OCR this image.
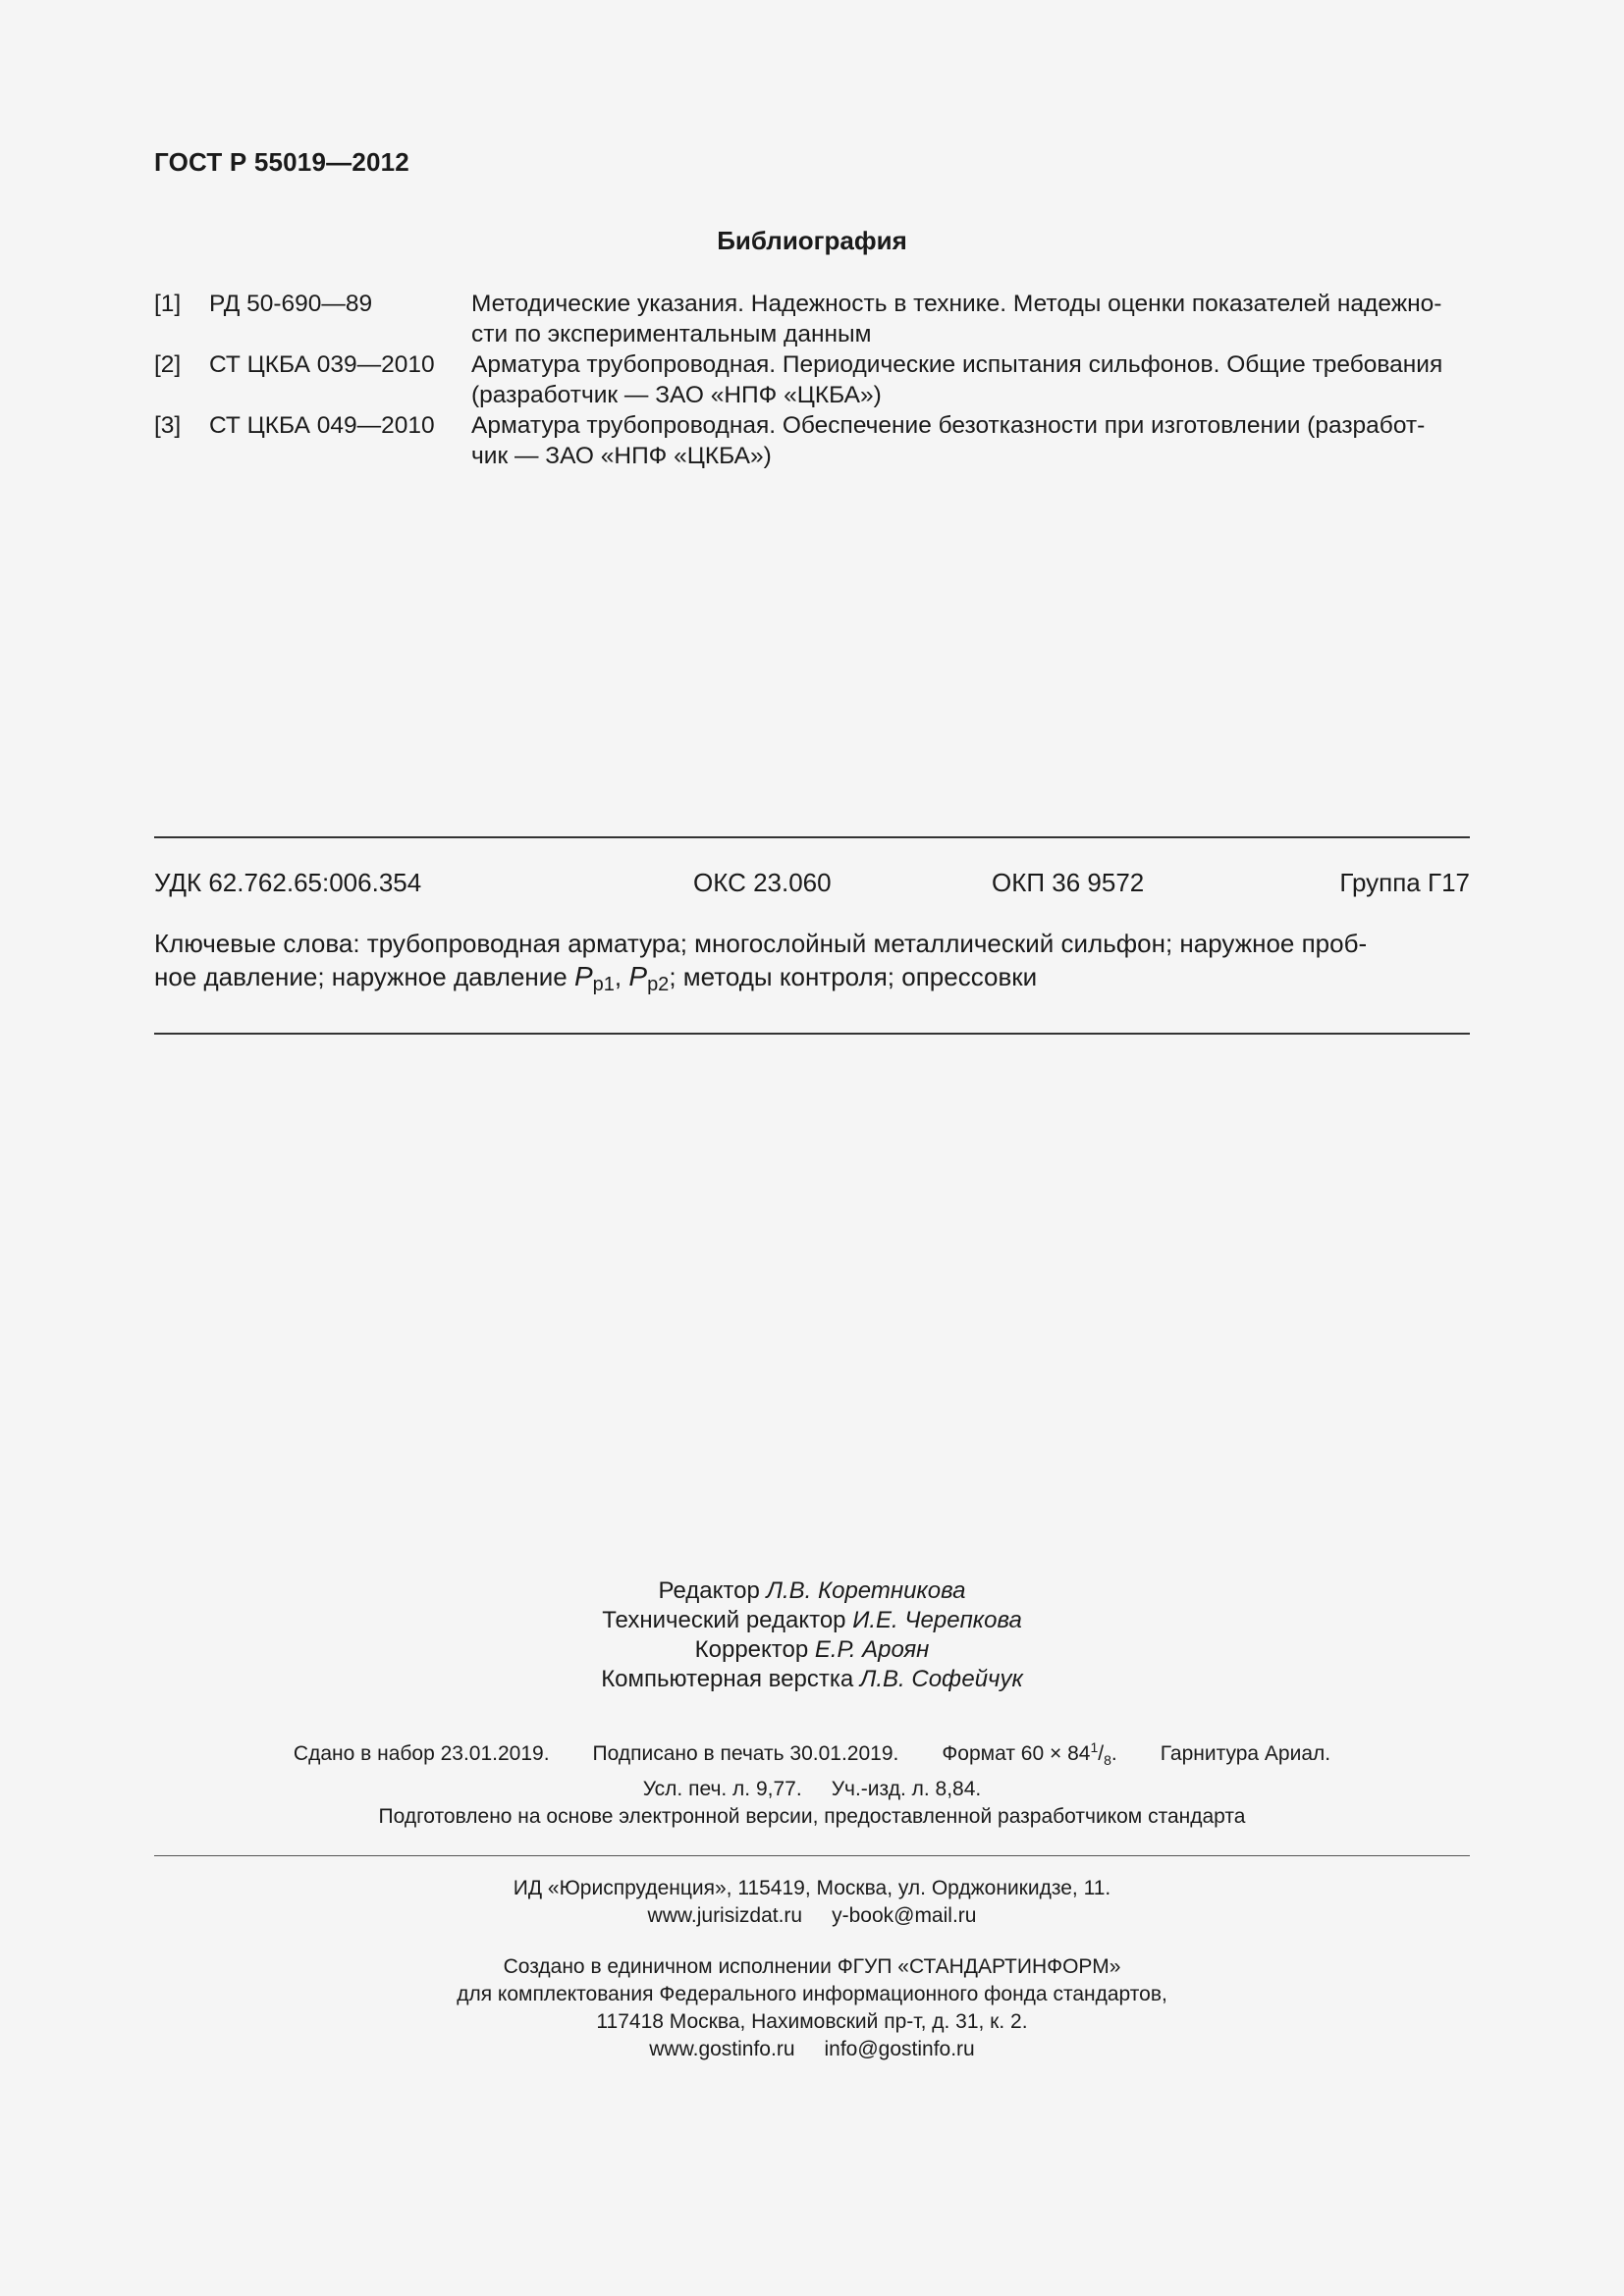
ГОСТ Р 55019—2012
Библиография
[1]	РД 50-690—89	Методические указания. Надежность в технике. Методы оценки показателей надежно-
сти по экспериментальным данным
[2]	СТ ЦКБА 039—2010	Арматура трубопроводная. Периодические испытания сильфонов. Общие требования
(разработчик — ЗАО «НПФ «ЦКБА»)
[3]	СТ ЦКБА 049—2010	Арматура трубопроводная. Обеспечение безотказности при изготовлении (разработ-
чик — ЗАО «НПФ «ЦКБА»)
УДК 62.762.65:006.354	ОКС 23.060	ОКП 36 9572	Группа Г17
Ключевые слова: трубопроводная арматура; многослойный металлический сильфон; наружное проб-
ное давление; наружное давление $P_{р1}$, $P_{р2}$; методы контроля; опрессовки
Редактор Л.В. Коретникова
Технический редактор И.Е. Черепкова
Корректор Е.Р. Ароян
Компьютерная верстка Л.В. Софейчук
Сдано в набор 23.01.2019. Подписано в печать 30.01.2019. Формат $60 \times 84^1/_8$. Гарнитура Ариал.
Усл. печ. л. 9,77. Уч.-изд. л. 8,84.
Подготовлено на основе электронной версии, предоставленной разработчиком стандарта
ИД «Юриспруденция», 115419, Москва, ул. Орджоникидзе, 11.
www.jurisizdat.ru y-book@mail.ru
Создано в единичном исполнении ФГУП «СТАНДАРТИНФОРМ»
для комплектования Федерального информационного фонда стандартов,
117418 Москва, Нахимовский пр-т, д. 31, к. 2.
www.gostinfo.ru info@gostinfo.ru
